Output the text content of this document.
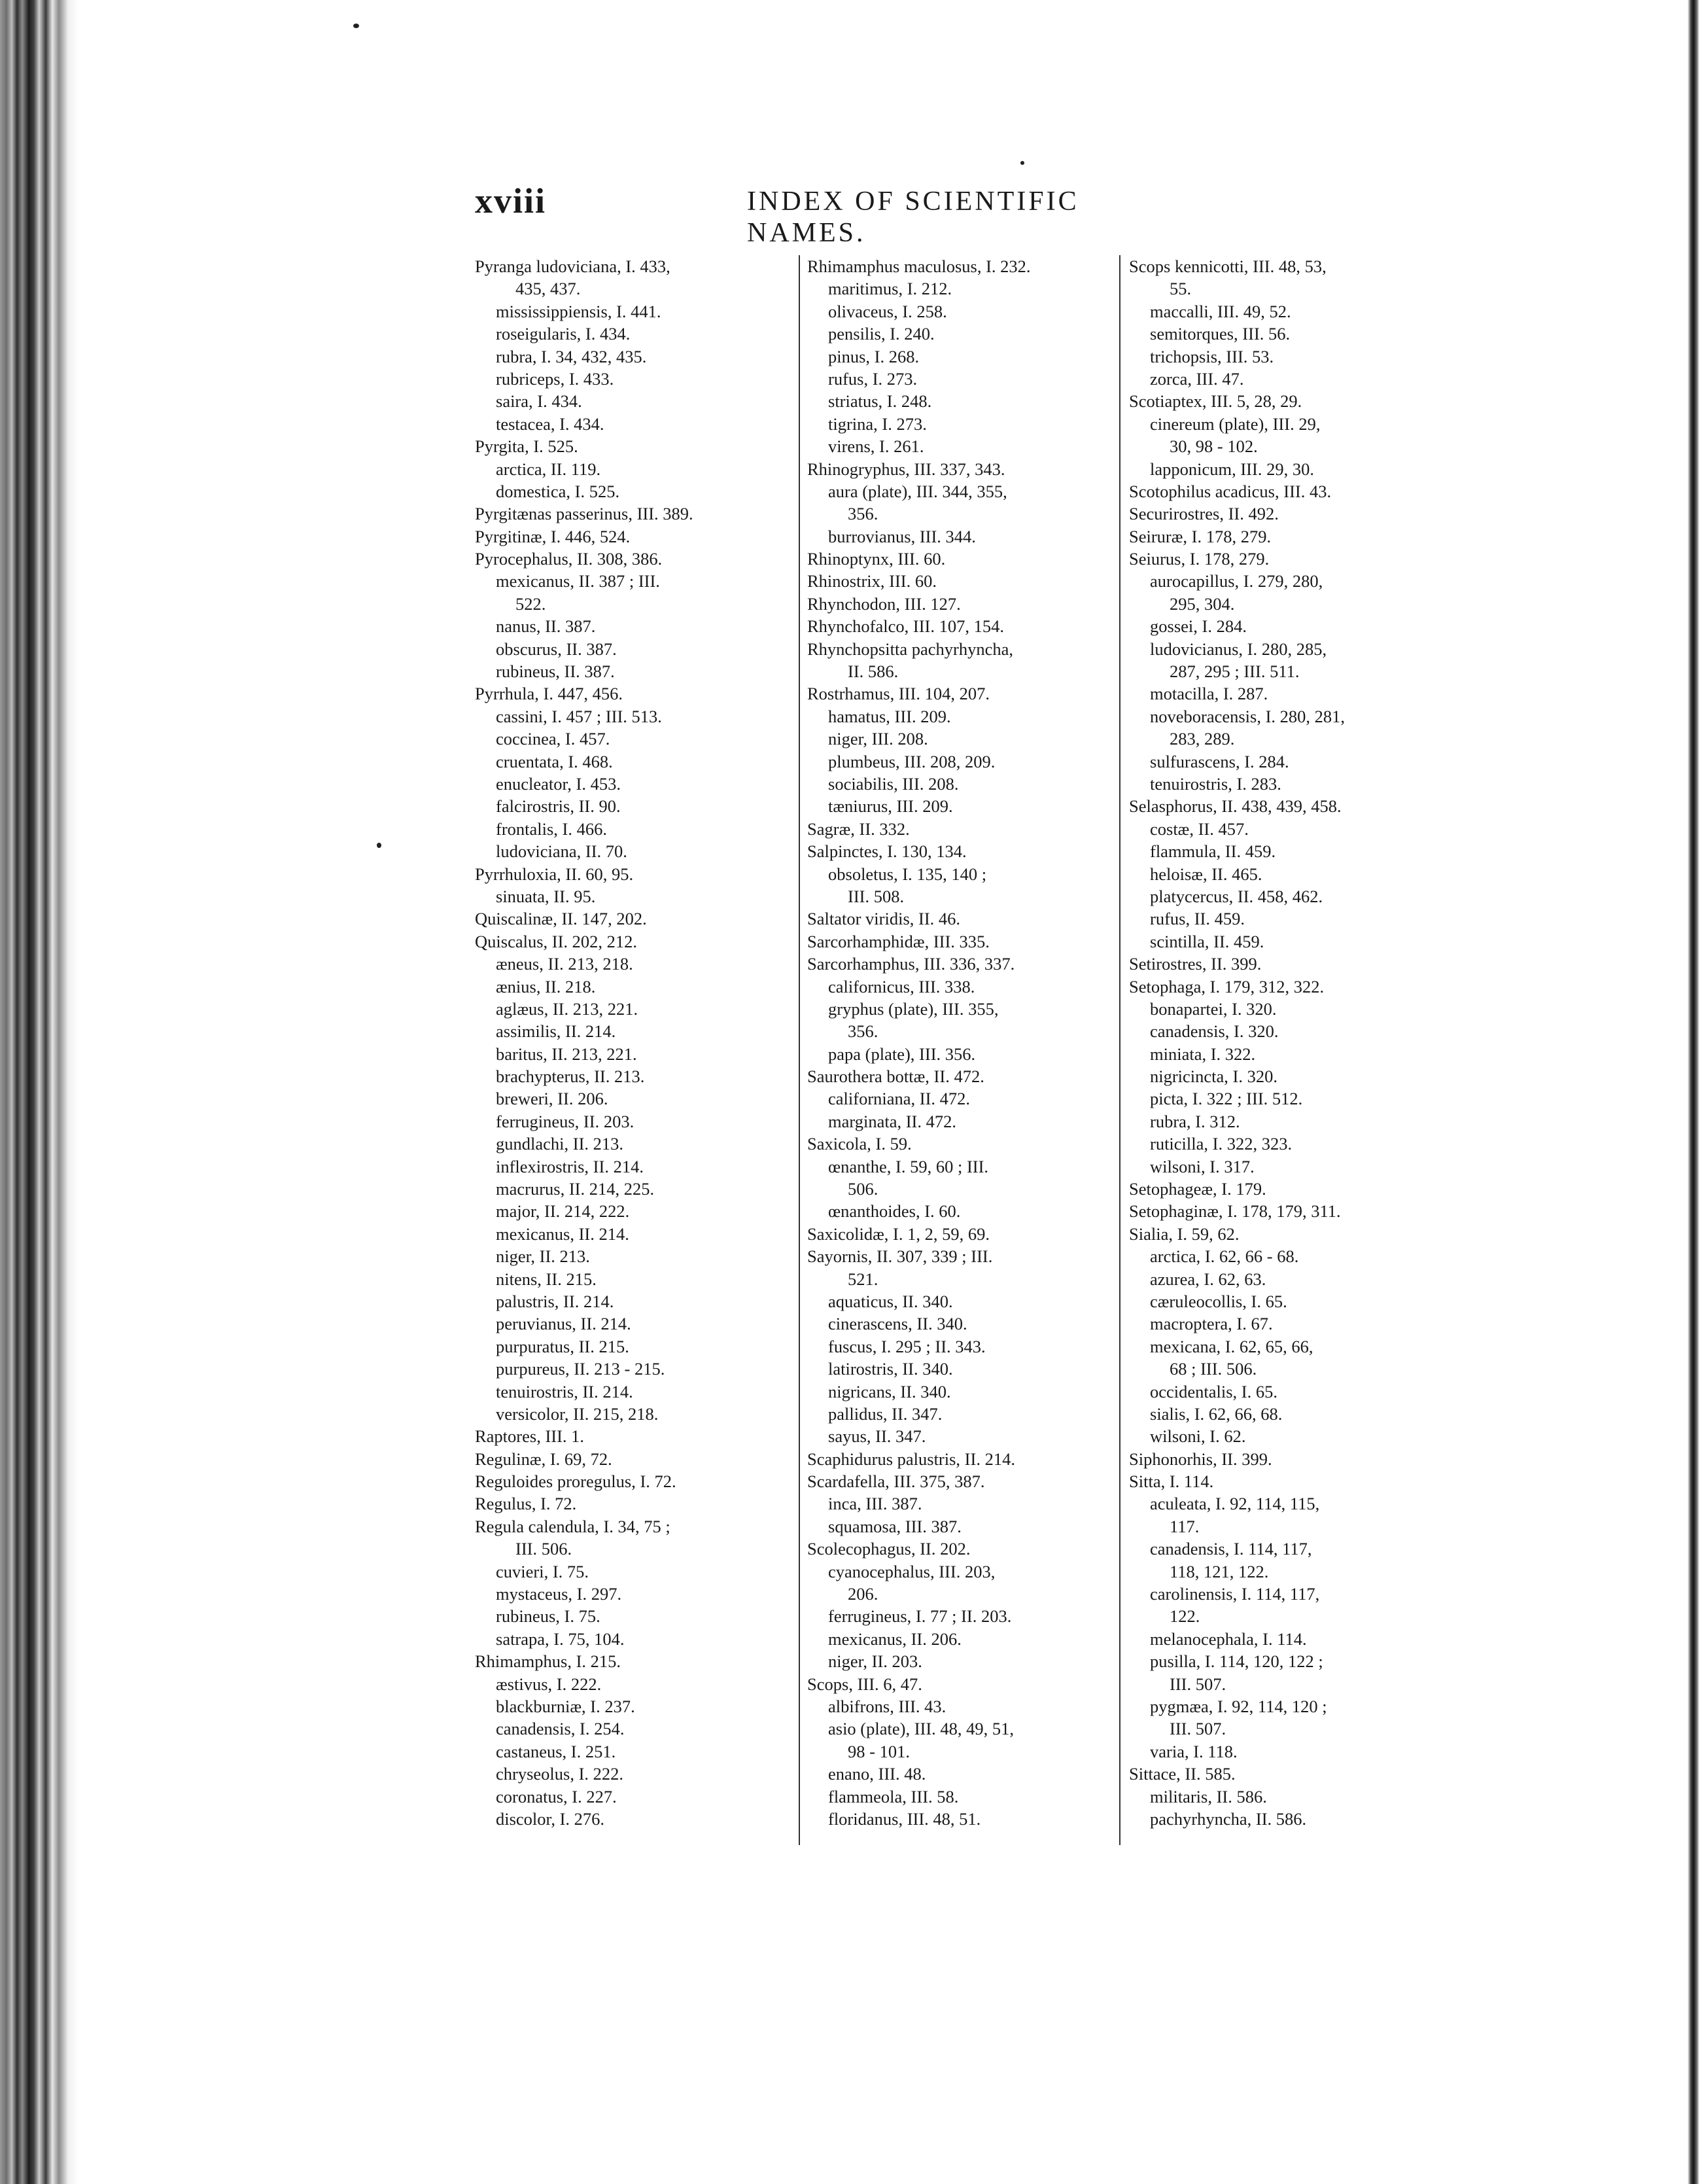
xviii	INDEX OF SCIENTIFIC NAMES.
Pyranga ludoviciana, I. 433,
435, 437.
mississippiensis, I. 441.
roseigularis, I. 434.
rubra, I. 34, 432, 435.
rubriceps, I. 433.
saira, I. 434.
testacea, I. 434.
Pyrgita, I. 525.
arctica, II. 119.
domestica, I. 525.
Pyrgitænas passerinus, III. 389.
Pyrgitinæ, I. 446, 524.
Pyrocephalus, II. 308, 386.
mexicanus, II. 387 ; III.
522.
nanus, II. 387.
obscurus, II. 387.
rubineus, II. 387.
Pyrrhula, I. 447, 456.
cassini, I. 457 ; III. 513.
coccinea, I. 457.
cruentata, I. 468.
enucleator, I. 453.
falcirostris, II. 90.
frontalis, I. 466.
ludoviciana, II. 70.
Pyrrhuloxia, II. 60, 95.
sinuata, II. 95.
Quiscalinæ, II. 147, 202.
Quiscalus, II. 202, 212.
æneus, II. 213, 218.
ænius, II. 218.
aglæus, II. 213, 221.
assimilis, II. 214.
baritus, II. 213, 221.
brachypterus, II. 213.
breweri, II. 206.
ferrugineus, II. 203.
gundlachi, II. 213.
inflexirostris, II. 214.
macrurus, II. 214, 225.
major, II. 214, 222.
mexicanus, II. 214.
niger, II. 213.
nitens, II. 215.
palustris, II. 214.
peruvianus, II. 214.
purpuratus, II. 215.
purpureus, II. 213 - 215.
tenuirostris, II. 214.
versicolor, II. 215, 218.
Raptores, III. 1.
Regulinæ, I. 69, 72.
Reguloides proregulus, I. 72.
Regulus, I. 72.
Regula calendula, I. 34, 75 ;
III. 506.
cuvieri, I. 75.
mystaceus, I. 297.
rubineus, I. 75.
satrapa, I. 75, 104.
Rhimamphus, I. 215.
æstivus, I. 222.
blackburniæ, I. 237.
canadensis, I. 254.
castaneus, I. 251.
chryseolus, I. 222.
coronatus, I. 227.
discolor, I. 276.
Rhimamphus maculosus, I. 232.
maritimus, I. 212.
olivaceus, I. 258.
pensilis, I. 240.
pinus, I. 268.
rufus, I. 273.
striatus, I. 248.
tigrina, I. 273.
virens, I. 261.
Rhinogryphus, III. 337, 343.
aura (plate), III. 344, 355,
356.
burrovianus, III. 344.
Rhinoptynx, III. 60.
Rhinostrix, III. 60.
Rhynchodon, III. 127.
Rhynchofalco, III. 107, 154.
Rhynchopsitta pachyrhyncha,
II. 586.
Rostrhamus, III. 104, 207.
hamatus, III. 209.
niger, III. 208.
plumbeus, III. 208, 209.
sociabilis, III. 208.
tæniurus, III. 209.
Sagræ, II. 332.
Salpinctes, I. 130, 134.
obsoletus, I. 135, 140 ;
III. 508.
Saltator viridis, II. 46.
Sarcorhamphidæ, III. 335.
Sarcorhamphus, III. 336, 337.
californicus, III. 338.
gryphus (plate), III. 355,
356.
papa (plate), III. 356.
Saurothera bottæ, II. 472.
californiana, II. 472.
marginata, II. 472.
Saxicola, I. 59.
œnanthe, I. 59, 60 ; III.
506.
œnanthoides, I. 60.
Saxicolidæ, I. 1, 2, 59, 69.
Sayornis, II. 307, 339 ; III.
521.
aquaticus, II. 340.
cinerascens, II. 340.
fuscus, I. 295 ; II. 343.
latirostris, II. 340.
nigricans, II. 340.
pallidus, II. 347.
sayus, II. 347.
Scaphidurus palustris, II. 214.
Scardafella, III. 375, 387.
inca, III. 387.
squamosa, III. 387.
Scolecophagus, II. 202.
cyanocephalus, III. 203,
206.
ferrugineus, I. 77 ; II. 203.
mexicanus, II. 206.
niger, II. 203.
Scops, III. 6, 47.
albifrons, III. 43.
asio (plate), III. 48, 49, 51,
98 - 101.
enano, III. 48.
flammeola, III. 58.
floridanus, III. 48, 51.
Scops kennicotti, III. 48, 53,
55.
maccalli, III. 49, 52.
semitorques, III. 56.
trichopsis, III. 53.
zorca, III. 47.
Scotiaptex, III. 5, 28, 29.
cinereum (plate), III. 29,
30, 98 - 102.
lapponicum, III. 29, 30.
Scotophilus acadicus, III. 43.
Securirostres, II. 492.
Seiruræ, I. 178, 279.
Seiurus, I. 178, 279.
aurocapillus, I. 279, 280,
295, 304.
gossei, I. 284.
ludovicianus, I. 280, 285,
287, 295 ; III. 511.
motacilla, I. 287.
noveboracensis, I. 280, 281,
283, 289.
sulfurascens, I. 284.
tenuirostris, I. 283.
Selasphorus, II. 438, 439, 458.
costæ, II. 457.
flammula, II. 459.
heloisæ, II. 465.
platycercus, II. 458, 462.
rufus, II. 459.
scintilla, II. 459.
Setirostres, II. 399.
Setophaga, I. 179, 312, 322.
bonapartei, I. 320.
canadensis, I. 320.
miniata, I. 322.
nigricincta, I. 320.
picta, I. 322 ; III. 512.
rubra, I. 312.
ruticilla, I. 322, 323.
wilsoni, I. 317.
Setophageæ, I. 179.
Setophaginæ, I. 178, 179, 311.
Sialia, I. 59, 62.
arctica, I. 62, 66 - 68.
azurea, I. 62, 63.
cæruleocollis, I. 65.
macroptera, I. 67.
mexicana, I. 62, 65, 66,
68 ; III. 506.
occidentalis, I. 65.
sialis, I. 62, 66, 68.
wilsoni, I. 62.
Siphonorhis, II. 399.
Sitta, I. 114.
aculeata, I. 92, 114, 115,
117.
canadensis, I. 114, 117,
118, 121, 122.
carolinensis, I. 114, 117,
122.
melanocephala, I. 114.
pusilla, I. 114, 120, 122 ;
III. 507.
pygmæa, I. 92, 114, 120 ;
III. 507.
varia, I. 118.
Sittace, II. 585.
militaris, II. 586.
pachyrhyncha, II. 586.
